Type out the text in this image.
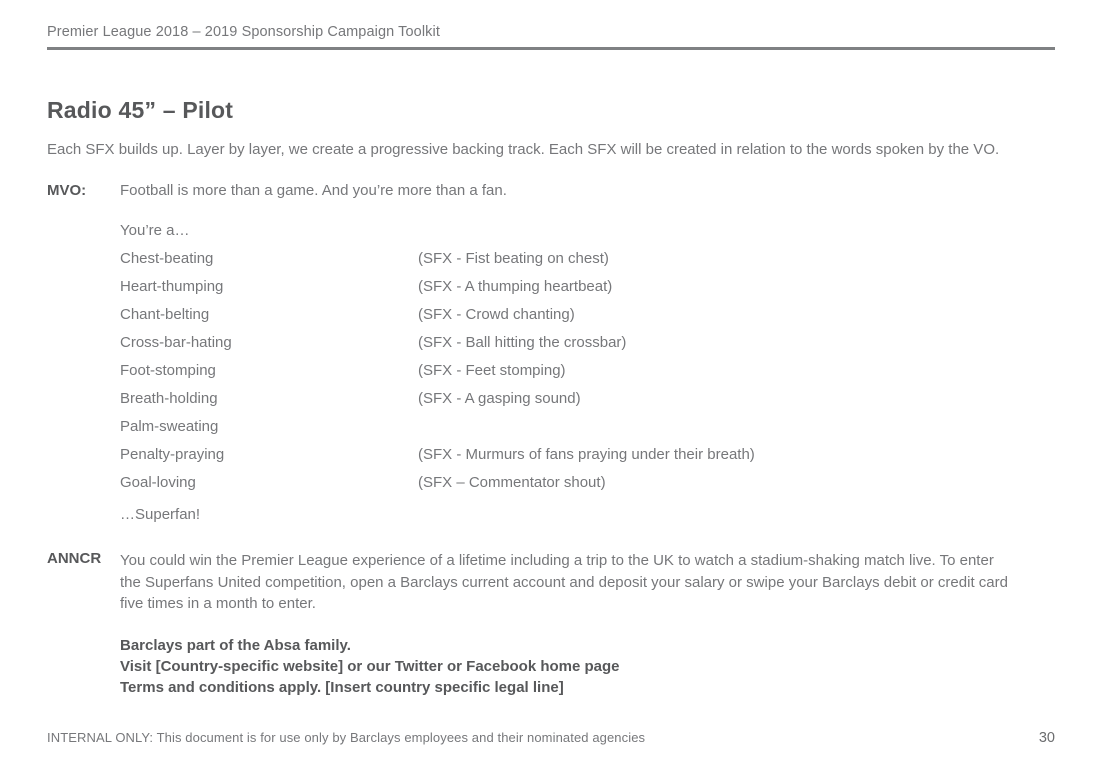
Premier League 2018 – 2019 Sponsorship Campaign Toolkit
Radio 45” – Pilot
Each SFX builds up. Layer by layer, we create a progressive backing track. Each SFX will be created in relation to the words spoken by the VO.
MVO:	Football is more than a game. And you’re more than a fan.
You’re a…
Chest-beating	(SFX - Fist beating on chest)
Heart-thumping	(SFX - A thumping heartbeat)
Chant-belting	(SFX - Crowd chanting)
Cross-bar-hating	(SFX - Ball hitting the crossbar)
Foot-stomping	(SFX - Feet stomping)
Breath-holding	(SFX - A gasping sound)
Palm-sweating
Penalty-praying	(SFX - Murmurs of fans praying under their breath)
Goal-loving	(SFX – Commentator shout)
…Superfan!
ANNCR	You could win the Premier League experience of a lifetime including a trip to the UK to watch a stadium-shaking match live. To enter the Superfans United competition, open a Barclays current account and deposit your salary or swipe your Barclays debit or credit card five times in a month to enter.
Barclays part of the Absa family.
Visit [Country-specific website] or our Twitter or Facebook home page
Terms and conditions apply. [Insert country specific legal line]
INTERNAL ONLY: This document is for use only by Barclays employees and their nominated agencies	30
